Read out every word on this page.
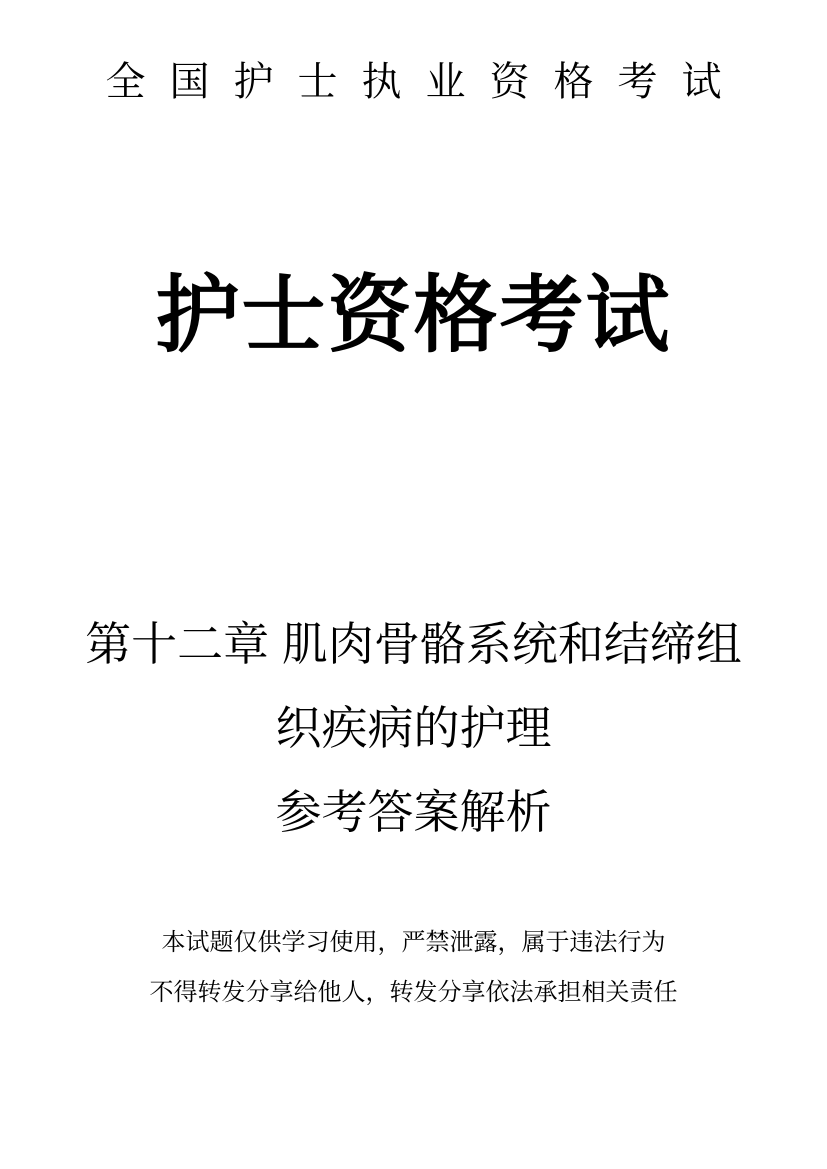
全国护士执业资格考试
护士资格考试
第十二章 肌肉骨骼系统和结缔组
织疾病的护理
参考答案解析
本试题仅供学习使用，严禁泄露，属于违法行为
不得转发分享给他人，转发分享依法承担相关责任
